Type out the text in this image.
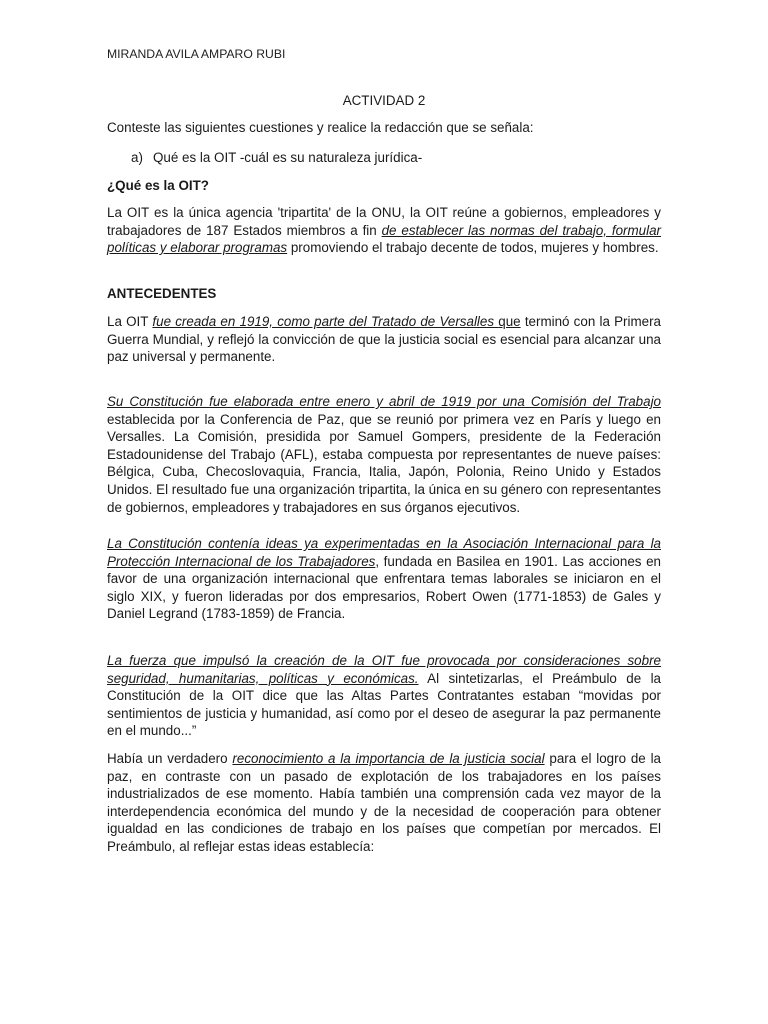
MIRANDA AVILA AMPARO RUBI
ACTIVIDAD 2
Conteste las siguientes cuestiones y realice la redacción que se señala:
a) Qué es la OIT -cuál es su naturaleza jurídica-
¿Qué es la OIT?
La OIT es la única agencia 'tripartita' de la ONU, la OIT reúne a gobiernos, empleadores y trabajadores de 187 Estados miembros a fin de establecer las normas del trabajo, formular políticas y elaborar programas promoviendo el trabajo decente de todos, mujeres y hombres.
ANTECEDENTES
La OIT fue creada en 1919, como parte del Tratado de Versalles que terminó con la Primera Guerra Mundial, y reflejó la convicción de que la justicia social es esencial para alcanzar una paz universal y permanente.
Su Constitución fue elaborada entre enero y abril de 1919 por una Comisión del Trabajo establecida por la Conferencia de Paz, que se reunió por primera vez en París y luego en Versalles. La Comisión, presidida por Samuel Gompers, presidente de la Federación Estadounidense del Trabajo (AFL), estaba compuesta por representantes de nueve países: Bélgica, Cuba, Checoslovaquia, Francia, Italia, Japón, Polonia, Reino Unido y Estados Unidos. El resultado fue una organización tripartita, la única en su género con representantes de gobiernos, empleadores y trabajadores en sus órganos ejecutivos.
La Constitución contenía ideas ya experimentadas en la Asociación Internacional para la Protección Internacional de los Trabajadores, fundada en Basilea en 1901. Las acciones en favor de una organización internacional que enfrentara temas laborales se iniciaron en el siglo XIX, y fueron lideradas por dos empresarios, Robert Owen (1771-1853) de Gales y Daniel Legrand (1783-1859) de Francia.
La fuerza que impulsó la creación de la OIT fue provocada por consideraciones sobre seguridad, humanitarias, políticas y económicas. Al sintetizarlas, el Preámbulo de la Constitución de la OIT dice que las Altas Partes Contratantes estaban “movidas por sentimientos de justicia y humanidad, así como por el deseo de asegurar la paz permanente en el mundo...”
Había un verdadero reconocimiento a la importancia de la justicia social para el logro de la paz, en contraste con un pasado de explotación de los trabajadores en los países industrializados de ese momento. Había también una comprensión cada vez mayor de la interdependencia económica del mundo y de la necesidad de cooperación para obtener igualdad en las condiciones de trabajo en los países que competían por mercados. El Preámbulo, al reflejar estas ideas establecía:
